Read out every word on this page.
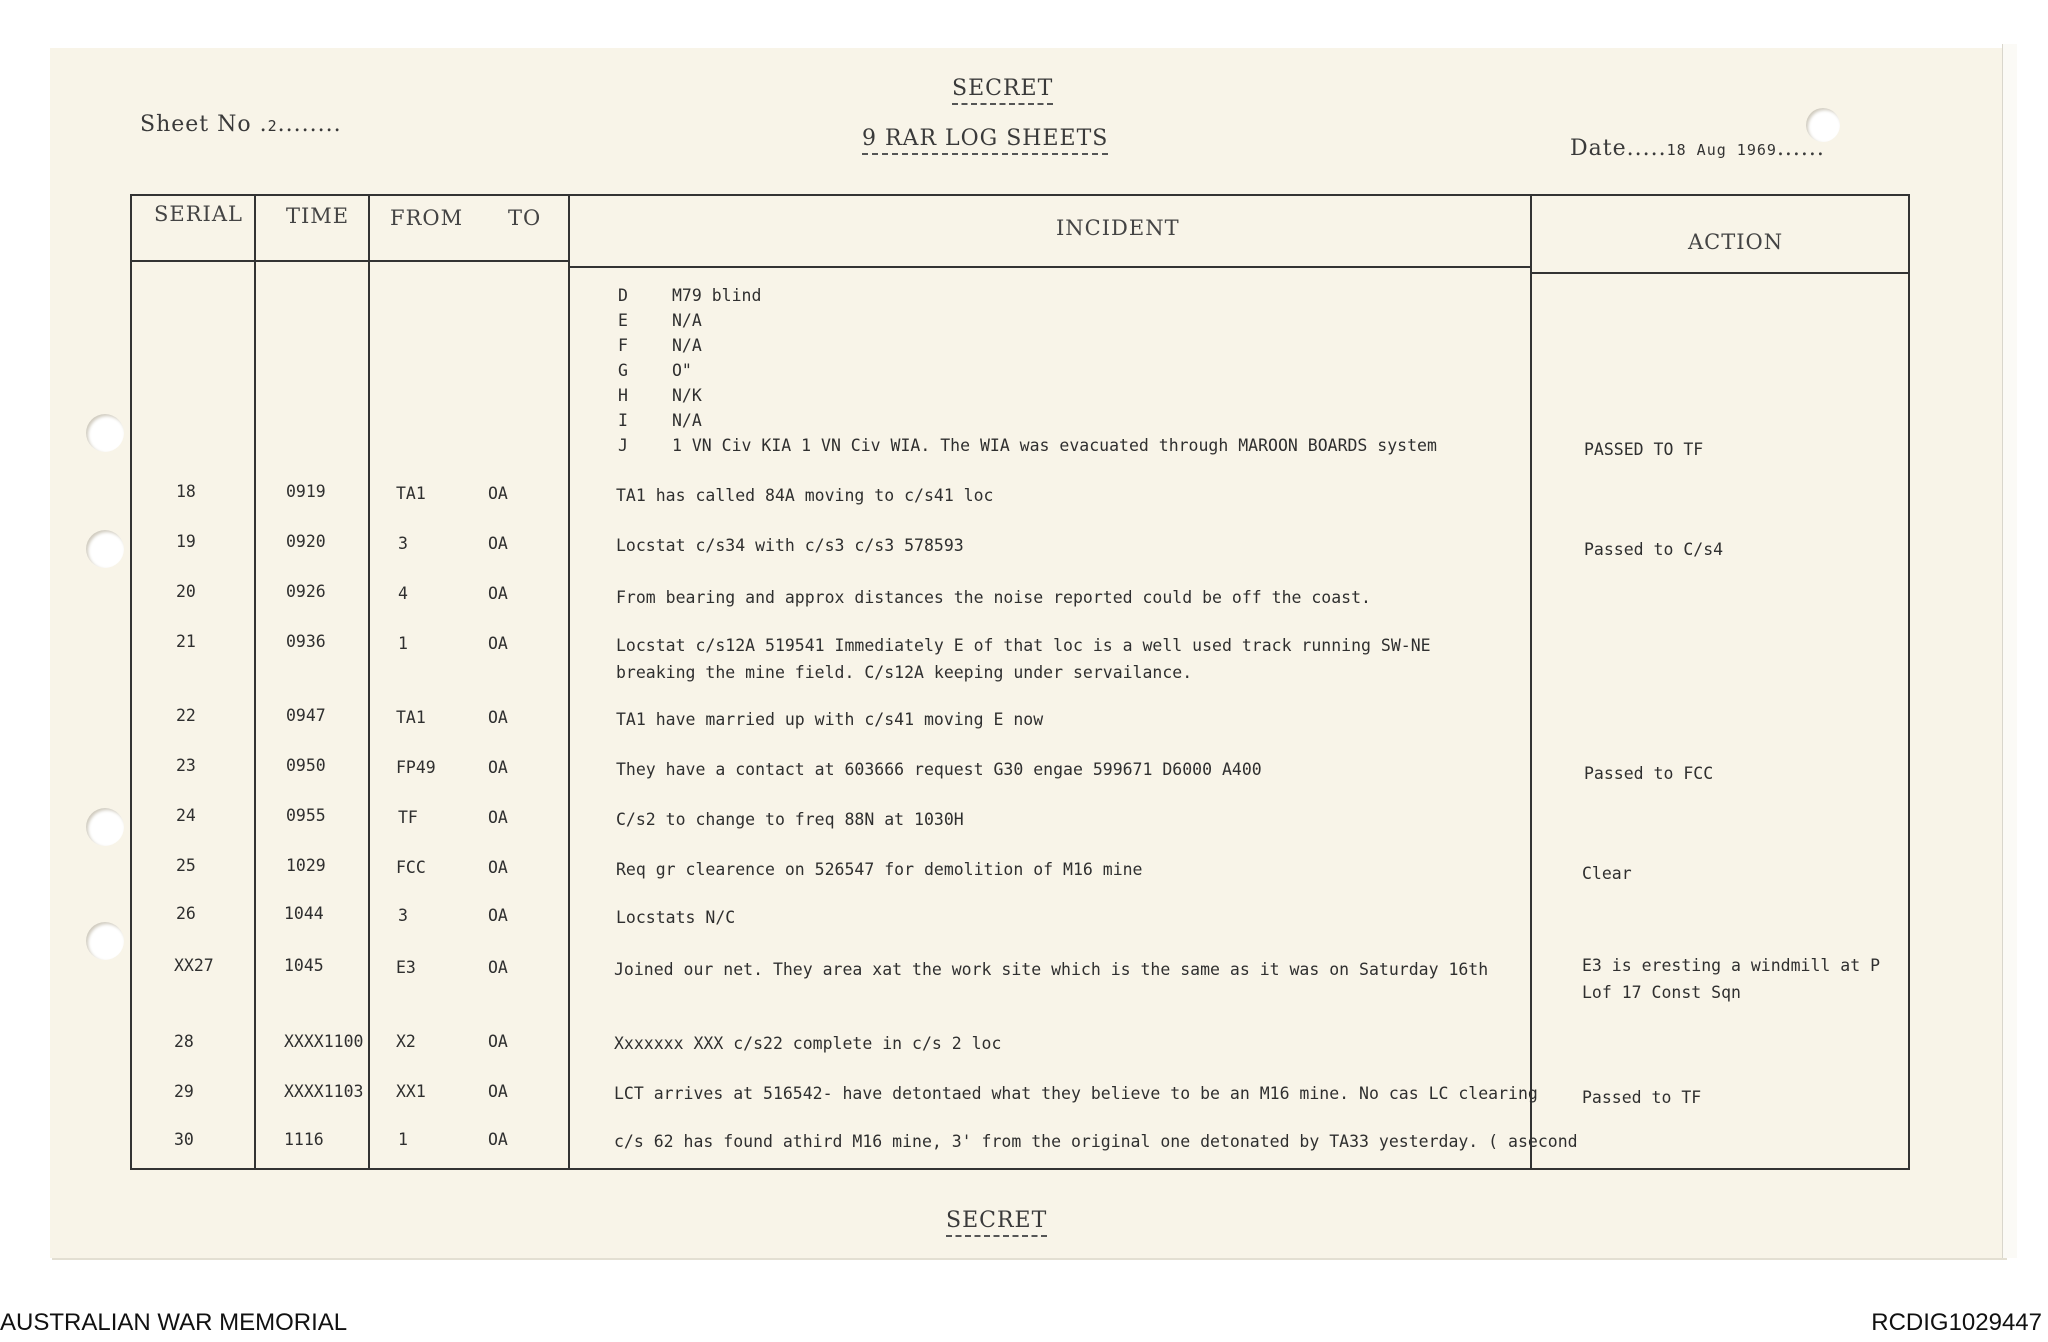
SECRET
9 RAR LOG SHEETS
Sheet No .2........
Date.....18 Aug 1969......
SERIAL TIME FROM TO	INCIDENT
ACTION
D	M79 blind
E	N/A
F	N/A
G	O"
H	N/K
I	N/A
J	1 VN Civ KIA 1 VN Civ WIA. The WIA was evacuated through MAROON BOARDS system	PASSED TO TF
18	0919	TA1	OA	TA1 has called 84A moving to c/s41 loc
19	0920	3	OA	Locstat c/s34 with c/s3 c/s3 578593	Passed to C/s4
20	0926	4	OA	From bearing and approx distances the noise reported could be off the coast.
21	0936	1	OA	Locstat c/s12A 519541 Immediately E of that loc is a well used track running SW-NE breaking the mine field. C/s12A keeping under servailance.
22	0947	TA1	OA	TA1 have married up with c/s41 moving E now
23	0950	FP49	OA	They have a contact at 603666 request G30 engae 599671 D6000 A400	Passed to FCC
24	0955	TF	OA	C/s2 to change to freq 88N at 1030H
25	1029	FCC	OA	Req gr clearence on 526547 for demolition of M16 mine	Clear
26	1044	3	OA	Locstats N/C
XX27	1045	E3	OA	Joined our net. They area xat the work site which is the same as it was on Saturday 16th	E3 is eresting a windmill at P Lof 17 Const Sqn
28	XXXX1100 X2	OA	Xxxxxxx XXX c/s22 complete in c/s 2 loc
29	XXXX1103 XX1	OA	LCT arrives at 516542- have detontaed what they believe to be an M16 mine. No cas LC clearing	Passed to TF
30	1116	1	OA	c/s 62 has found athird M16 mine, 3' from the original one detonated by TA33 yesterday. ( asecond
SECRET
AUSTRALIAN WAR MEMORIAL	RCDIG1029447
